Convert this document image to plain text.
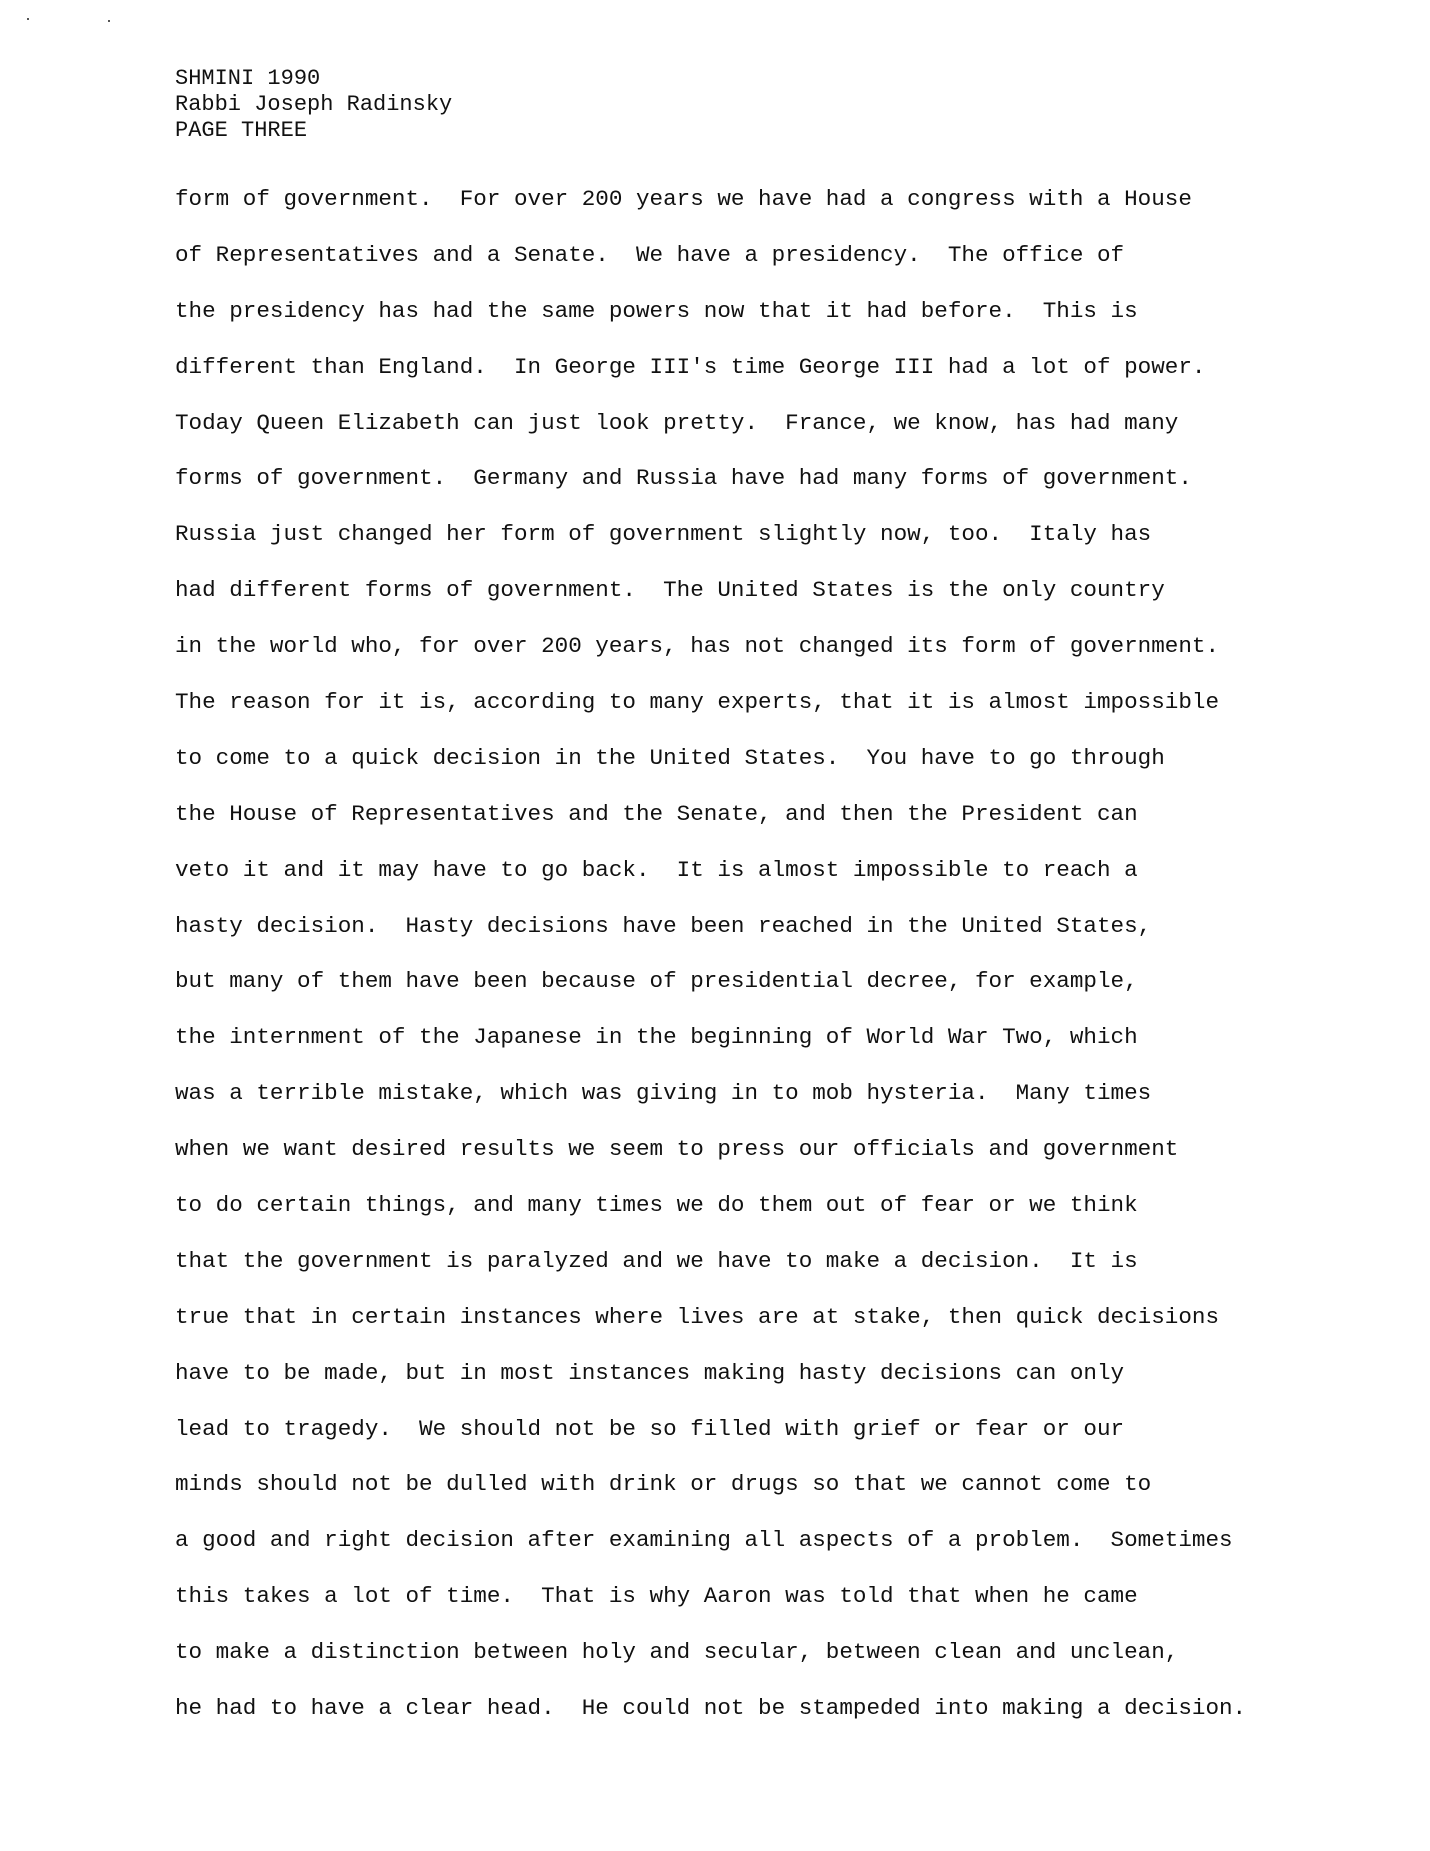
SHMINI 1990
Rabbi Joseph Radinsky
PAGE THREE
form of government.  For over 200 years we have had a congress with a House
of Representatives and a Senate.  We have a presidency.  The office of
the presidency has had the same powers now that it had before.  This is
different than England.  In George III's time George III had a lot of power.
Today Queen Elizabeth can just look pretty.  France, we know, has had many
forms of government.  Germany and Russia have had many forms of government.
Russia just changed her form of government slightly now, too.  Italy has
had different forms of government.  The United States is the only country
in the world who, for over 200 years, has not changed its form of government.
The reason for it is, according to many experts, that it is almost impossible
to come to a quick decision in the United States.  You have to go through
the House of Representatives and the Senate, and then the President can
veto it and it may have to go back.  It is almost impossible to reach a
hasty decision.  Hasty decisions have been reached in the United States,
but many of them have been because of presidential decree, for example,
the internment of the Japanese in the beginning of World War Two, which
was a terrible mistake, which was giving in to mob hysteria.  Many times
when we want desired results we seem to press our officials and government
to do certain things, and many times we do them out of fear or we think
that the government is paralyzed and we have to make a decision.  It is
true that in certain instances where lives are at stake, then quick decisions
have to be made, but in most instances making hasty decisions can only
lead to tragedy.  We should not be so filled with grief or fear or our
minds should not be dulled with drink or drugs so that we cannot come to
a good and right decision after examining all aspects of a problem.  Sometimes
this takes a lot of time.  That is why Aaron was told that when he came
to make a distinction between holy and secular, between clean and unclean,
he had to have a clear head.  He could not be stampeded into making a decision.
